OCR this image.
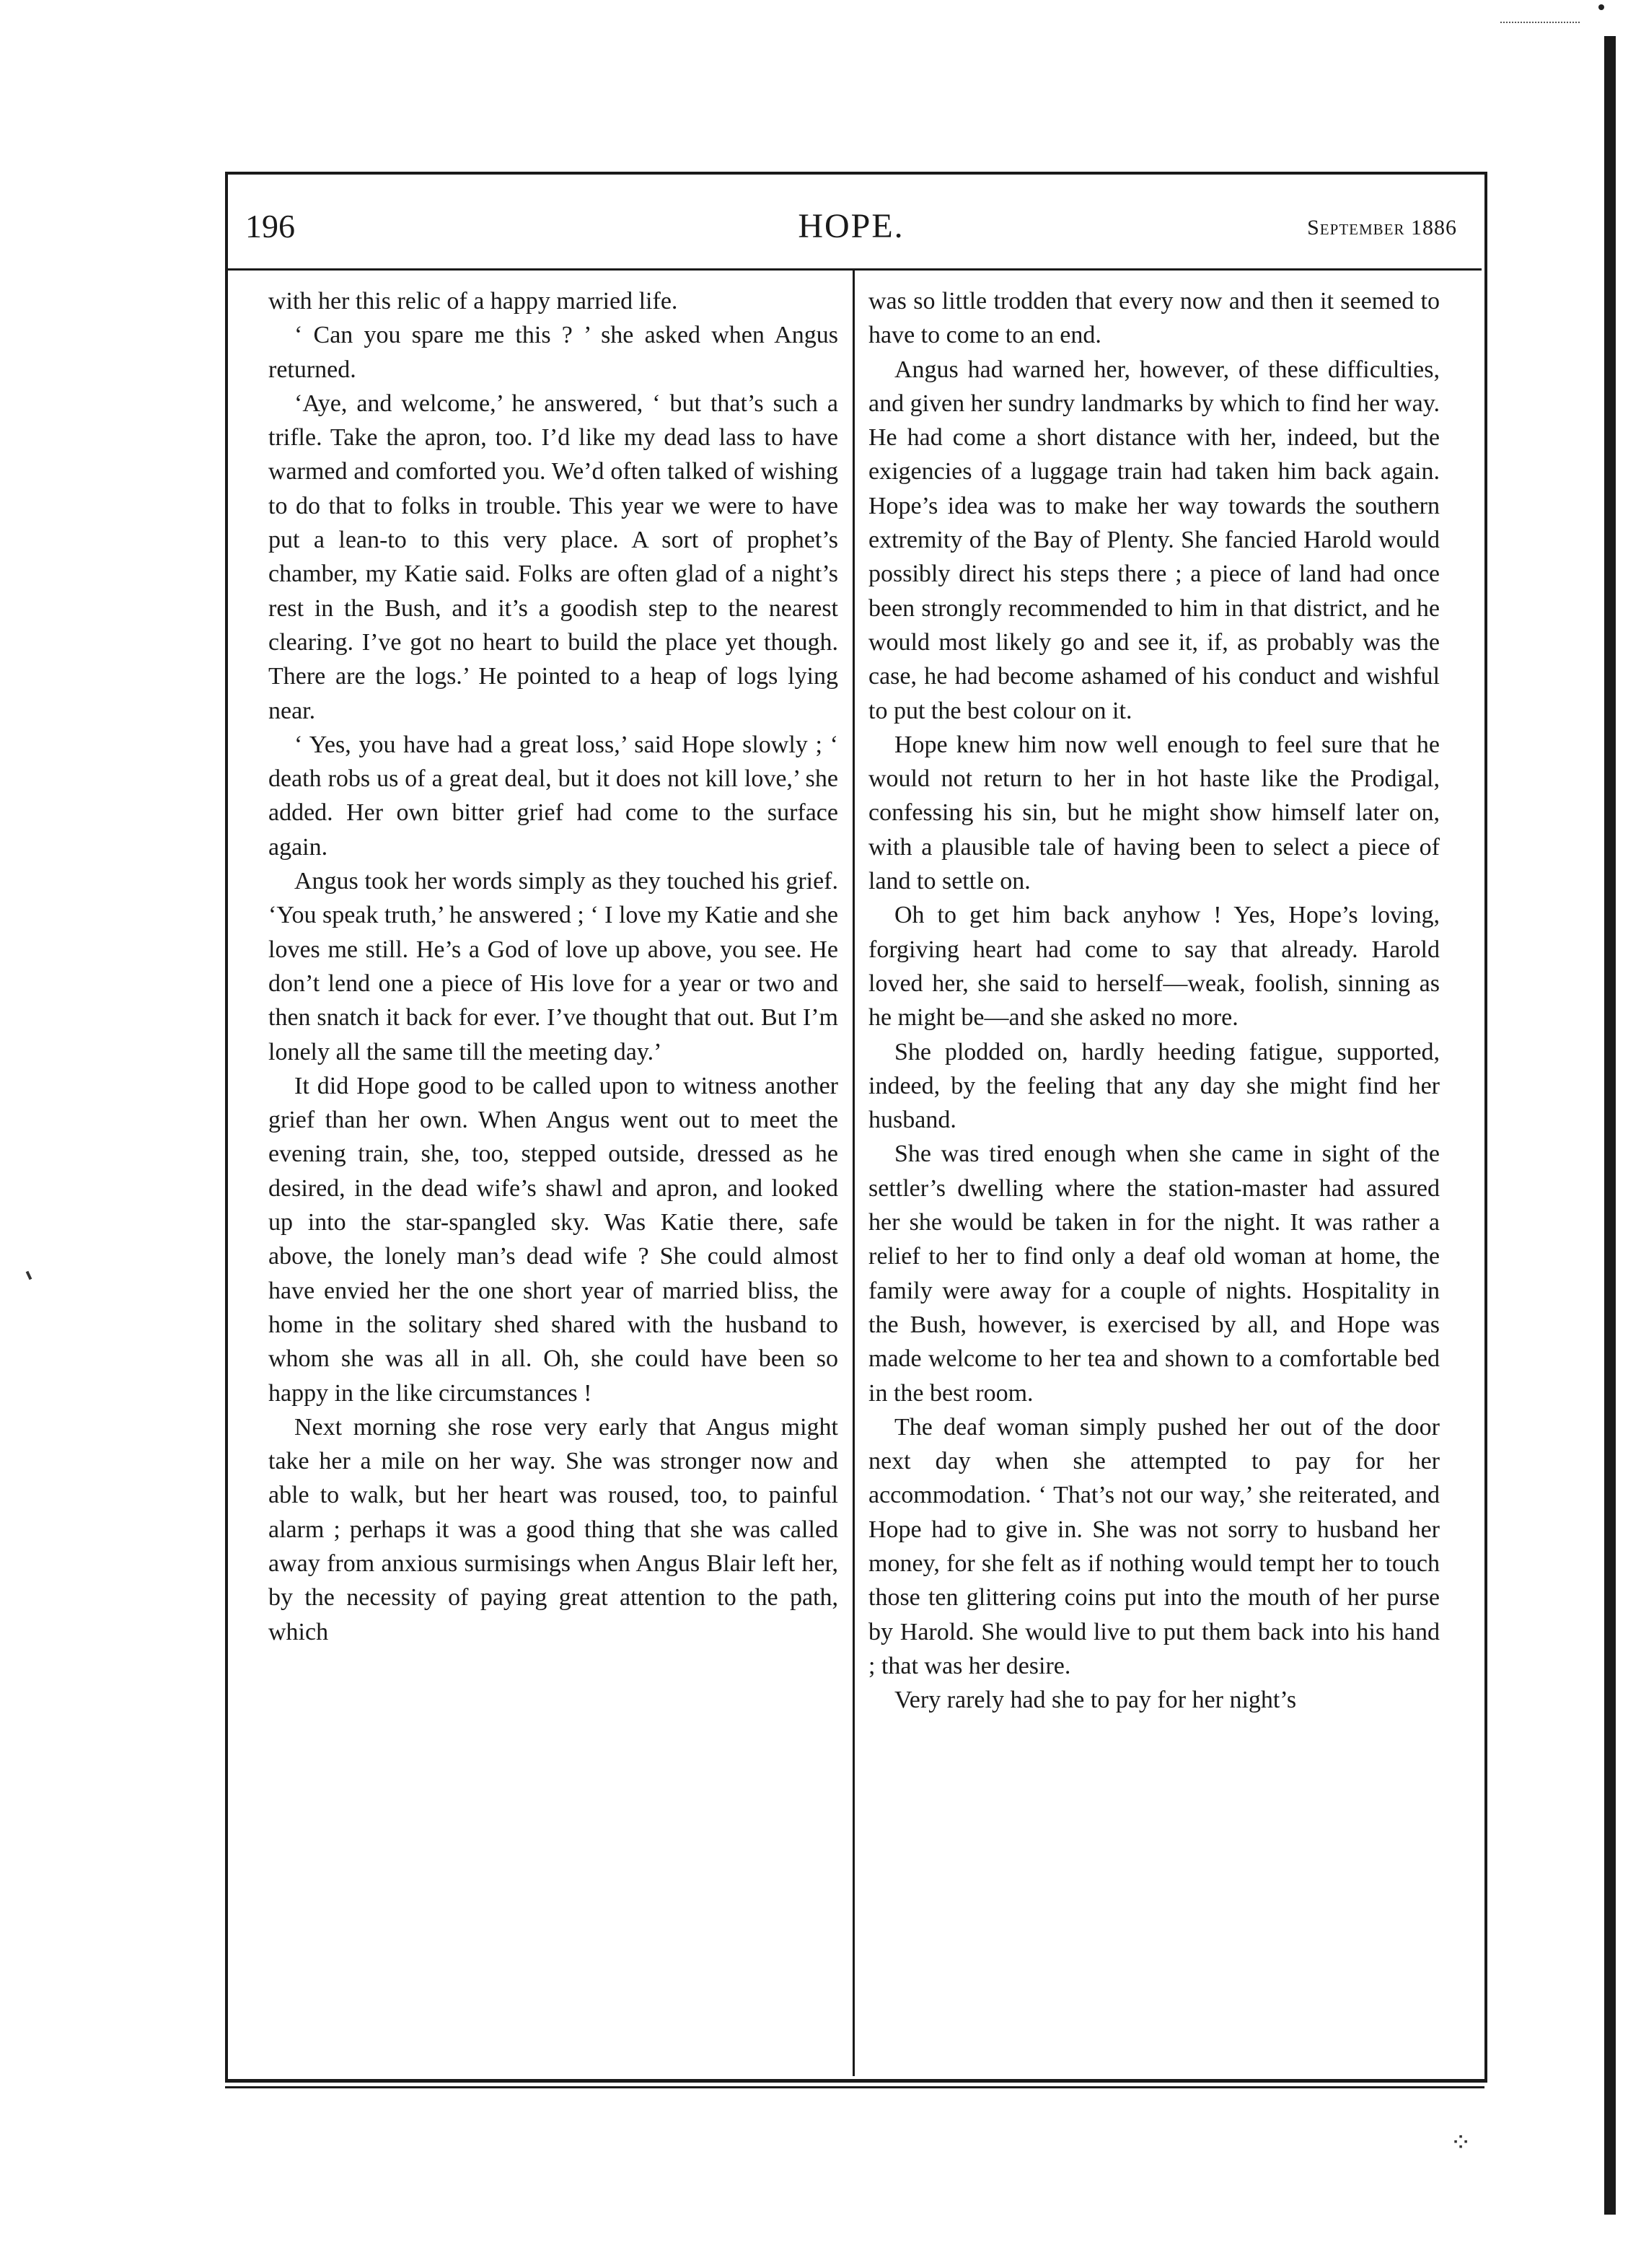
⁘
196	HOPE.	September 1886

with her this relic of a happy married life.

‘ Can you spare me this ? ’ she asked when Angus returned.

‘Aye, and welcome,’ he answered, ‘ but that’s such a trifle. Take the apron, too. I’d like my dead lass to have warmed and comforted you. We’d often talked of wishing to do that to folks in trouble. This year we were to have put a lean-to to this very place. A sort of prophet’s chamber, my Katie said. Folks are often glad of a night’s rest in the Bush, and it’s a goodish step to the nearest clearing. I’ve got no heart to build the place yet though. There are the logs.’ He pointed to a heap of logs lying near.

‘ Yes, you have had a great loss,’ said Hope slowly ; ‘ death robs us of a great deal, but it does not kill love,’ she added. Her own bitter grief had come to the surface again.

Angus took her words simply as they touched his grief. ‘You speak truth,’ he answered ; ‘ I love my Katie and she loves me still. He’s a God of love up above, you see. He don’t lend one a piece of His love for a year or two and then snatch it back for ever. I’ve thought that out. But I’m lonely all the same till the meeting day.’

It did Hope good to be called upon to witness another grief than her own. When Angus went out to meet the evening train, she, too, stepped outside, dressed as he desired, in the dead wife’s shawl and apron, and looked up into the star-spangled sky. Was Katie there, safe above, the lonely man’s dead wife ? She could almost have envied her the one short year of married bliss, the home in the solitary shed shared with the husband to whom she was all in all. Oh, she could have been so happy in the like circumstances !

Next morning she rose very early that Angus might take her a mile on her way. She was stronger now and able to walk, but her heart was roused, too, to painful alarm ; perhaps it was a good thing that she was called away from anxious surmisings when Angus Blair left her, by the necessity of paying great attention to the path, which

was so little trodden that every now and then it seemed to have to come to an end.

Angus had warned her, however, of these difficulties, and given her sundry landmarks by which to find her way. He had come a short distance with her, indeed, but the exigencies of a luggage train had taken him back again. Hope’s idea was to make her way towards the southern extremity of the Bay of Plenty. She fancied Harold would possibly direct his steps there ; a piece of land had once been strongly recommended to him in that district, and he would most likely go and see it, if, as probably was the case, he had become ashamed of his conduct and wishful to put the best colour on it.

Hope knew him now well enough to feel sure that he would not return to her in hot haste like the Prodigal, confessing his sin, but he might show himself later on, with a plausible tale of having been to select a piece of land to settle on.

Oh to get him back anyhow ! Yes, Hope’s loving, forgiving heart had come to say that already. Harold loved her, she said to herself—weak, foolish, sinning as he might be—and she asked no more.

She plodded on, hardly heeding fatigue, supported, indeed, by the feeling that any day she might find her husband.

She was tired enough when she came in sight of the settler’s dwelling where the station-master had assured her she would be taken in for the night. It was rather a relief to her to find only a deaf old woman at home, the family were away for a couple of nights. Hospitality in the Bush, however, is exercised by all, and Hope was made welcome to her tea and shown to a comfortable bed in the best room.

The deaf woman simply pushed her out of the door next day when she attempted to pay for her accommodation. ‘ That’s not our way,’ she reiterated, and Hope had to give in. She was not sorry to husband her money, for she felt as if nothing would tempt her to touch those ten glittering coins put into the mouth of her purse by Harold. She would live to put them back into his hand ; that was her desire.

Very rarely had she to pay for her night’s
